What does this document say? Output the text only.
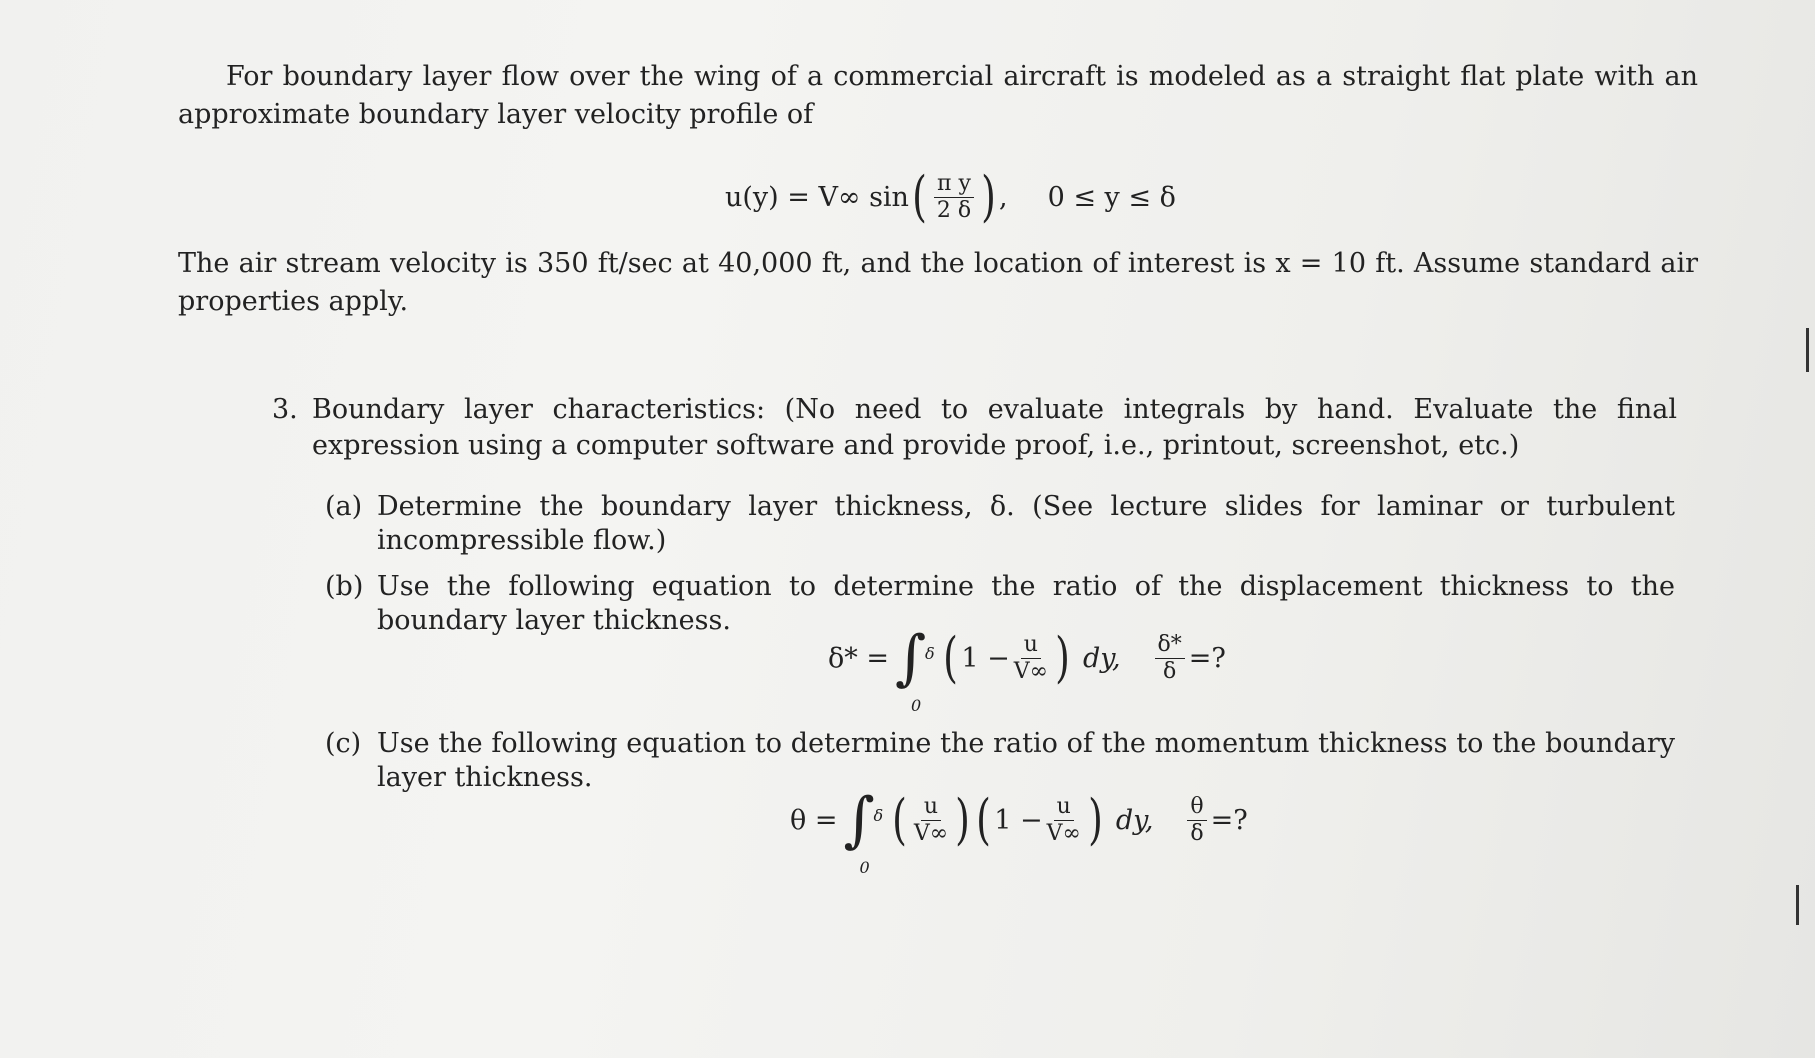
For boundary layer flow over the wing of a commercial aircraft is modeled as a straight flat plate with an approximate boundary layer velocity profile of
u(y) = V∞ sin ( $\frac{\text{π y}}{2 \delta}$ ) , 0 ≤ y ≤ δ
The air stream velocity is 350 ft/sec at 40,000 ft, and the location of interest is x = 10 ft. Assume standard air properties apply.
3. Boundary layer characteristics: (No need to evaluate integrals by hand. Evaluate the final expression using a computer software and provide proof, i.e., printout, screenshot, etc.)
(a) Determine the boundary layer thickness, δ. (See lecture slides for laminar or turbulent incompressible flow.)
(b) Use the following equation to determine the ratio of the displacement thickness to the boundary layer thickness.
δ* = ∫
δ
0
( $1 - \frac{u}{V\infty}$ ) dy, $\frac{\delta*}{\delta}$ =?
(c) Use the following equation to determine the ratio of the momentum thickness to the boundary layer thickness.
θ = ∫
δ
0
( $\frac{u}{V\infty}$ ) ( $1 - \frac{u}{V\infty}$ ) dy, $\frac{\theta}{\delta}$ =?
